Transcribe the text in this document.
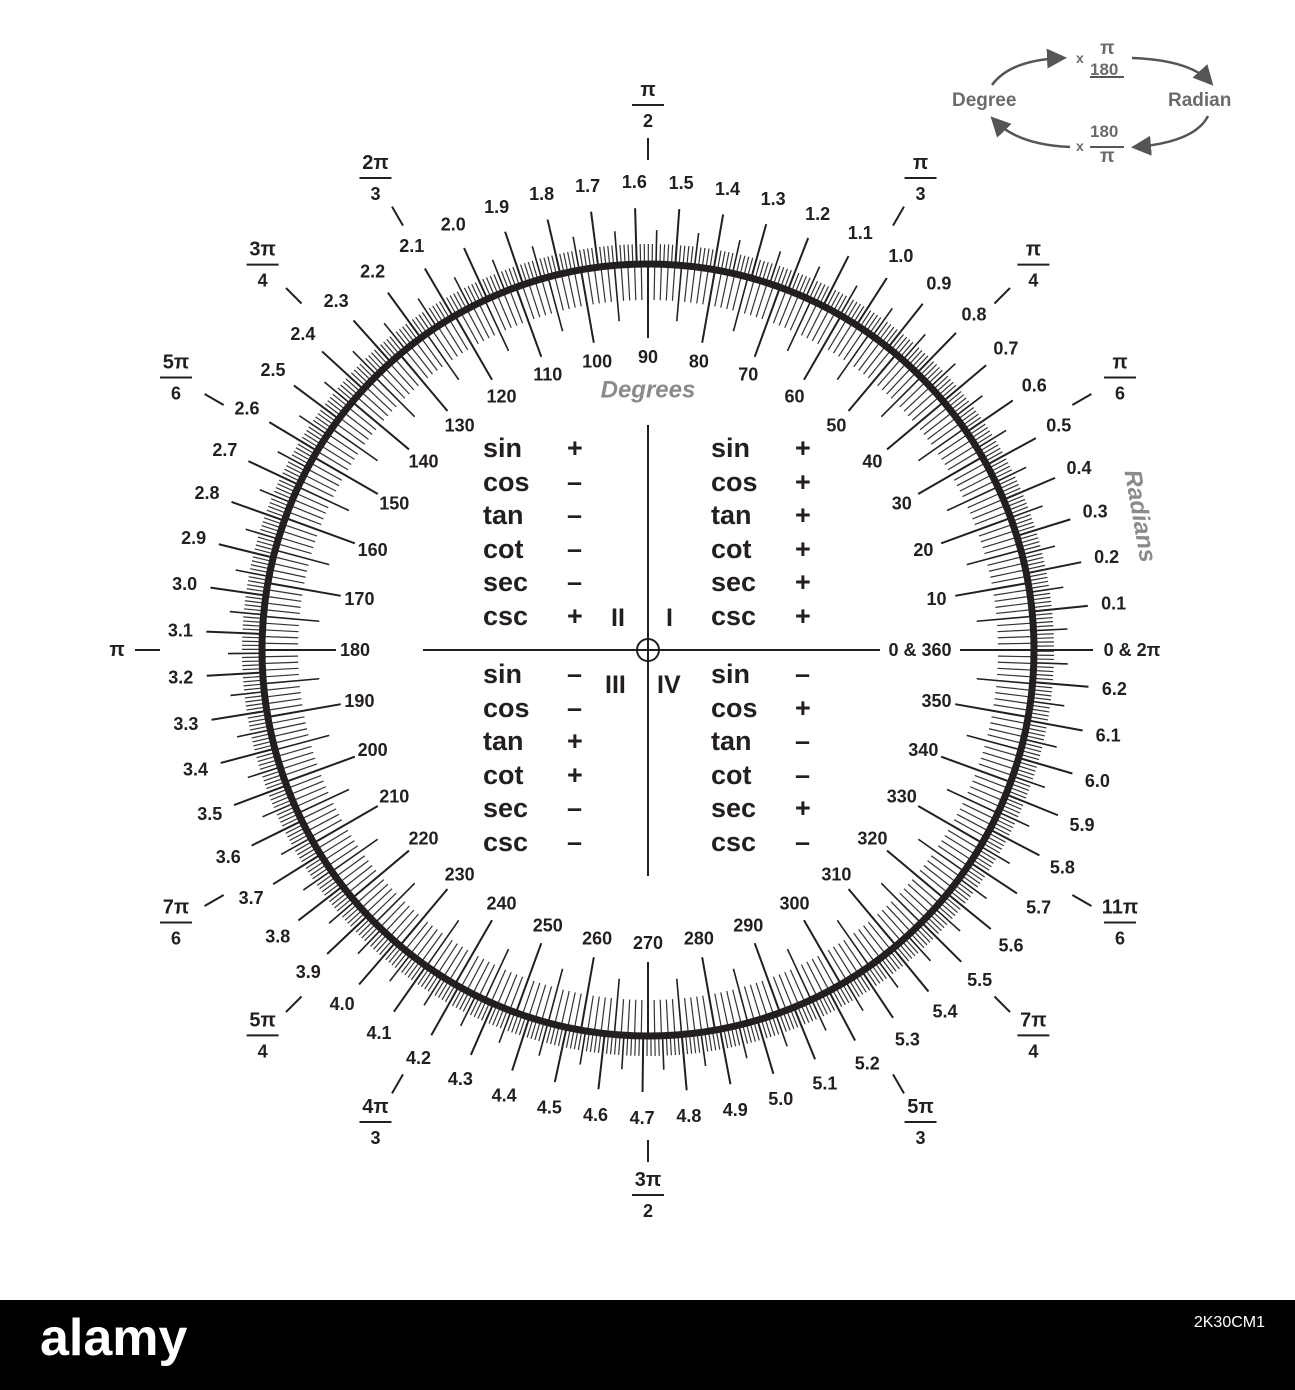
0 & 360
10
20
30
40
50
60
70
80
90
100
110
120
130
140
150
160
170
180
190
200
210
220
230
240
250
260 270 280
290
300
310
320
330
340
350
0 & 2π
0.1
0.2
0.3
0.4
0.5
0.6
0.7
0.8
0.9
1.0
1.1
1.2
1.3
1.4
1.5
1.6
1.7
1.8
1.9
2.0
2.1
2.2
2.3
2.4
2.5
2.6
2.7
2.8
2.9
3.0
3.1
3.2
3.3
3.4
3.5
3.6
3.7
3.8
3.9
4.0
4.1
4.2
4.3
4.4
4.5 4.6 4.7 4.8 4.9
5.0
5.1
5.2
5.3
5.4
5.5
5.6
5.7
5.8
5.9
6.0
6.1
6.2
π
6
π
4
π
3
π
2
2π
3
3π
4
5π
6
π
7π
6
5π
4
4π
3
3π
2
5π
3
7π
4
11π
6
Degrees
Radians
sin +
cos –
tan –
cot –
sec –
csc +
sin +
cos +
tan +
cot +
sec +
csc +
sin –
cos –
tan +
cot +
sec –
csc –
sin –
cos +
tan –
cot –
sec +
csc –
II I
III IV
Degree	Radian
x π
180
x
180
π
alamy	2K30CM1
